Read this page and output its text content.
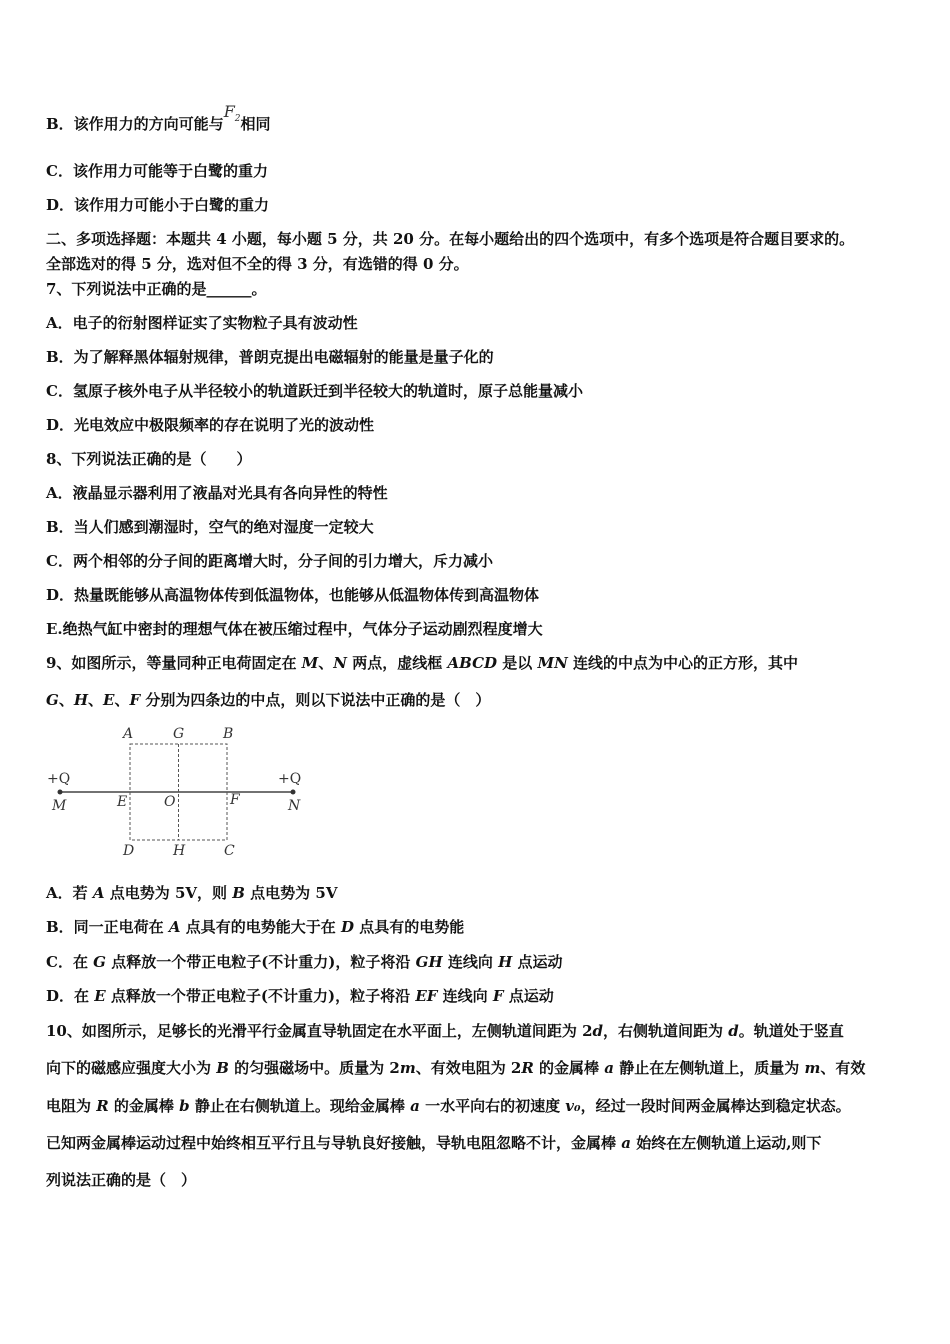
B．该作用力的方向可能与$F_2$相同
C．该作用力可能等于白鹭的重力
D．该作用力可能小于白鹭的重力
二、多项选择题：本题共 4 小题，每小题 5 分，共 20 分。在每小题给出的四个选项中，有多个选项是符合题目要求的。
全部选对的得 5 分，选对但不全的得 3 分，有选错的得 0 分。
7、下列说法中正确的是______。
A．电子的衍射图样证实了实物粒子具有波动性
B．为了解释黑体辐射规律，普朗克提出电磁辐射的能量是量子化的
C．氢原子核外电子从半径较小的轨道跃迁到半径较大的轨道时，原子总能量减小
D．光电效应中极限频率的存在说明了光的波动性
8、下列说法正确的是（　　）
A．液晶显示器利用了液晶对光具有各向异性的特性
B．当人们感到潮湿时，空气的绝对湿度一定较大
C．两个相邻的分子间的距离增大时，分子间的引力增大，斥力减小
D．热量既能够从高温物体传到低温物体，也能够从低温物体传到高温物体
E.绝热气缸中密封的理想气体在被压缩过程中，气体分子运动剧烈程度增大
9、如图所示，等量同种正电荷固定在 M、N 两点，虚线框 ABCD 是以 MN 连线的中点为中心的正方形，其中
G、H、E、F 分别为四条边的中点，则以下说法中正确的是（　）
A	G	B
+Q	+Q
M	E	O	F	N
D	H	C
A．若 A 点电势为 5V，则 B 点电势为 5V
B．同一正电荷在 A 点具有的电势能大于在 D 点具有的电势能
C．在 G 点释放一个带正电粒子(不计重力)，粒子将沿 GH 连线向 H 点运动
D．在 E 点释放一个带正电粒子(不计重力)，粒子将沿 EF 连线向 F 点运动
10、如图所示，足够长的光滑平行金属直导轨固定在水平面上，左侧轨道间距为 2d，右侧轨道间距为 d。轨道处于竖直
向下的磁感应强度大小为 B 的匀强磁场中。质量为 2m、有效电阻为 2R 的金属棒 a 静止在左侧轨道上，质量为 m、有效
电阻为 R 的金属棒 b 静止在右侧轨道上。现给金属棒 a 一水平向右的初速度 v₀，经过一段时间两金属棒达到稳定状态。
已知两金属棒运动过程中始终相互平行且与导轨良好接触，导轨电阻忽略不计，金属棒 a 始终在左侧轨道上运动,则下
列说法正确的是（　）
